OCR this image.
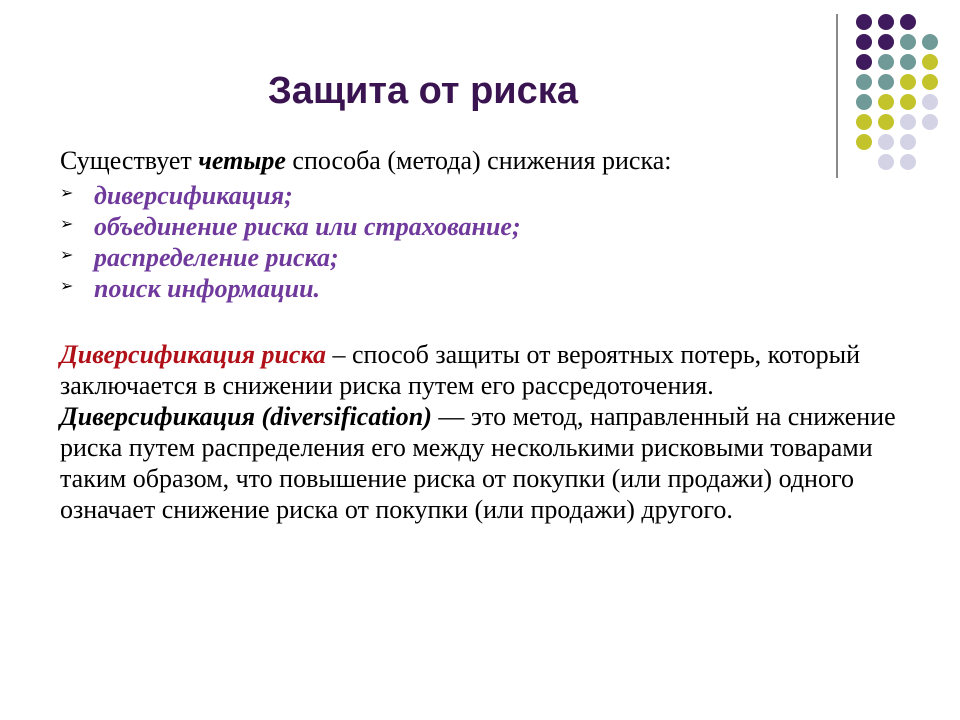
Защита от риска
Существует четыре способа (метода) снижения риска:
➢ диверсификация;
➢ объединение риска или страхование;
➢ распределение риска;
➢ поиск информации.

Диверсификация риска – способ защиты от вероятных потерь, который заключается в снижении риска путем его рассредоточения.

Диверсификация (diversification) — это метод, направленный на снижение риска путем распределения его между несколькими рисковыми товарами таким образом, что повышение риска от покупки (или продажи) одного означает снижение риска от покупки (или продажи) другого.
